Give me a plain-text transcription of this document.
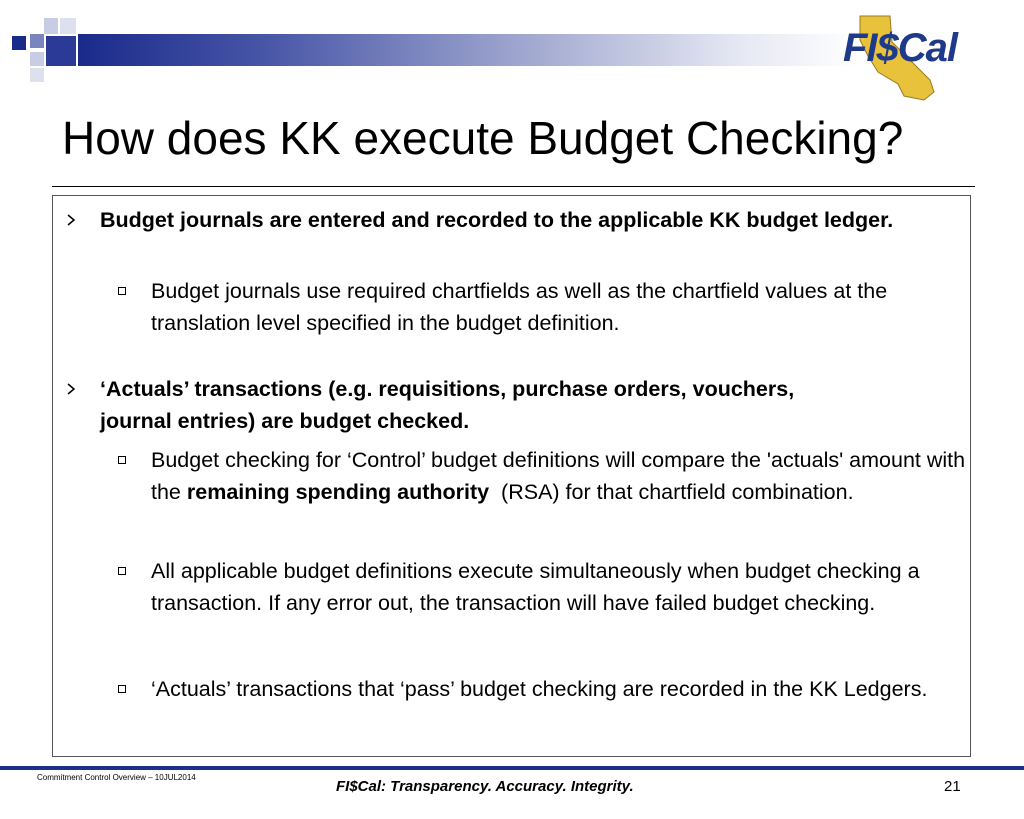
FI$Cal
How does KK execute Budget Checking?
Budget journals are entered and recorded to the applicable KK budget ledger.
Budget journals use required chartfields as well as the chartfield values at the translation level specified in the budget definition.
‘Actuals’ transactions (e.g. requisitions, purchase orders, vouchers, journal entries) are budget checked.
Budget checking for ‘Control’ budget definitions will compare the 'actuals' amount with the remaining spending authority  (RSA) for that chartfield combination.
All applicable budget definitions execute simultaneously when budget checking a transaction. If any error out, the transaction will have failed budget checking.
‘Actuals’ transactions that ‘pass’ budget checking are recorded in the KK Ledgers.
Commitment Control Overview – 10JUL2014
FI$Cal: Transparency. Accuracy. Integrity.	21
